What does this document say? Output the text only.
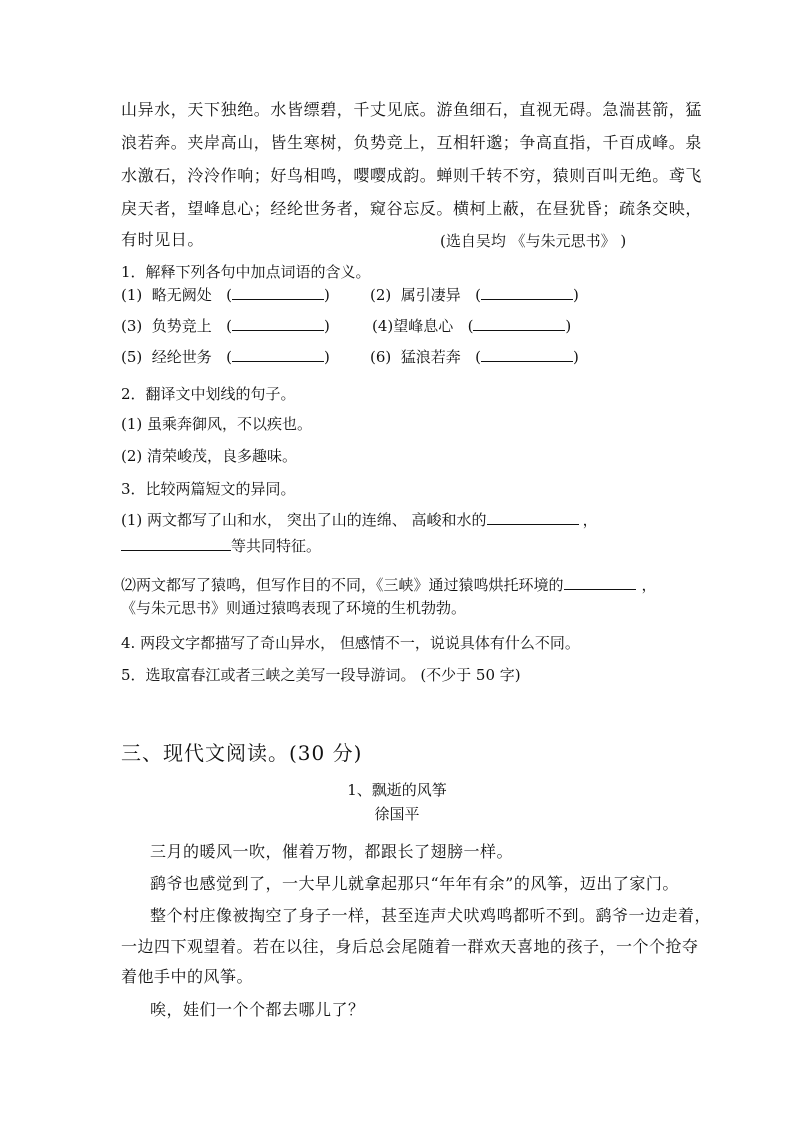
山异水，天下独绝。水皆缥碧，千丈见底。游鱼细石，直视无碍。急湍甚箭，猛
浪若奔。夹岸高山，皆生寒树，负势竞上，互相轩邈；争高直指，千百成峰。泉
水激石，泠泠作响；好鸟相鸣，嘤嘤成韵。蝉则千转不穷，猿则百叫无绝。鸢飞
戾天者，望峰息心；经纶世务者，窥谷忘反。横柯上蔽，在昼犹昏；疏条交映，
有时见日。	(选自吴均 《与朱元思书》 )
1．解释下列各句中加点词语的含义。
(1) 略无阙处   (	)	(2) 属引凄异   (	)
(3) 负势竞上   (	)	(4)望峰息心   (	)
(5) 经纶世务   (	)	(6) 猛浪若奔   (	)
2．翻译文中划线的句子。
(1) 虽乘奔御风，不以疾也。
(2) 清荣峻茂，良多趣味。
3．比较两篇短文的异同。
(1) 两文都写了山和水， 突出了山的连绵、 高峻和水的	，
等共同特征。
⑵两文都写了猿鸣，但写作目的不同，《三峡》通过猿鸣烘托环境的	，
《与朱元思书》则通过猿鸣表现了环境的生机勃勃。
4. 两段文字都描写了奇山异水， 但感情不一，说说具体有什么不同。
5．选取富春江或者三峡之美写一段导游词。 (不少于 50 字)
三、现代文阅读。(30 分)
1、飘逝的风筝
徐国平
三月的暖风一吹，催着万物，都跟长了翅膀一样。
鹞爷也感觉到了，一大早儿就拿起那只“年年有余”的风筝，迈出了家门。
整个村庄像被掏空了身子一样，甚至连声犬吠鸡鸣都听不到。鹞爷一边走着，
一边四下观望着。若在以往，身后总会尾随着一群欢天喜地的孩子，一个个抢夺
着他手中的风筝。
唉，娃们一个个都去哪儿了？
